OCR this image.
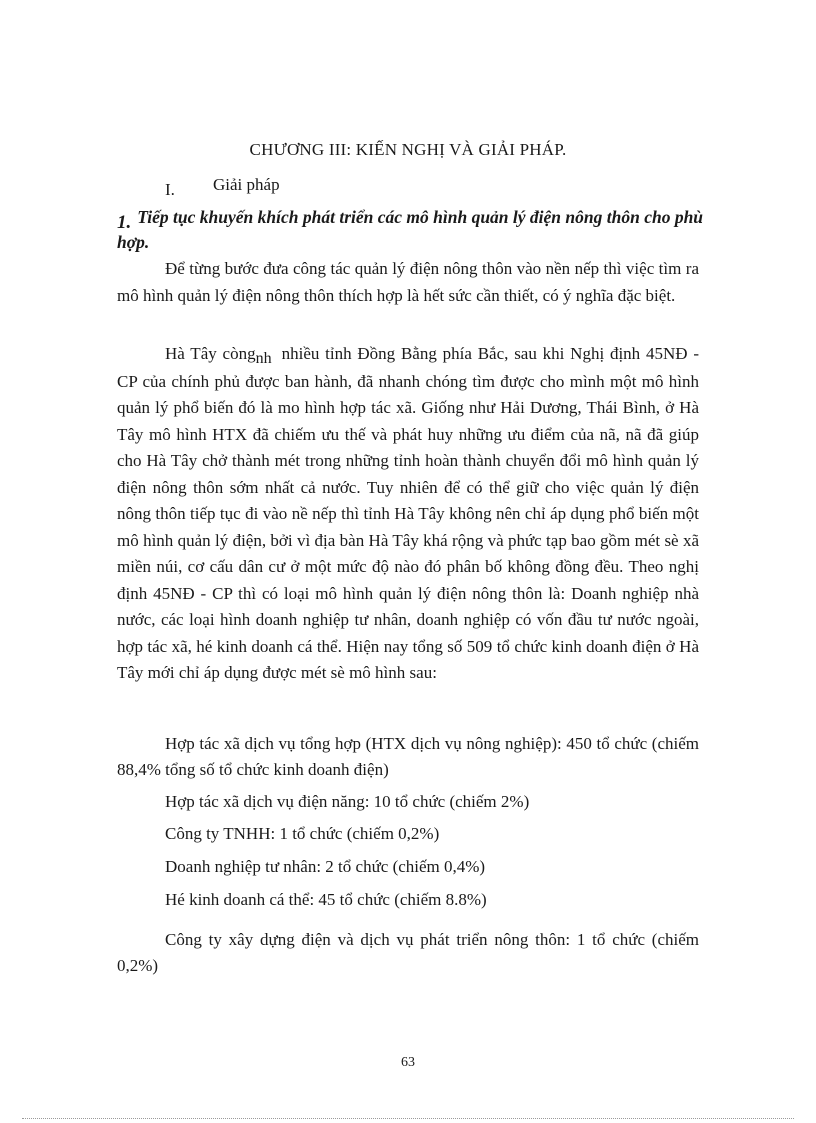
CHƯƠNG III: KIẾN NGHỊ VÀ GIẢI PHÁP.
I. Giải pháp
1. Tiếp tục khuyến khích phát triển các mô hình quản lý điện nông thôn cho phù hợp.

Để từng bước đưa công tác quản lý điện nông thôn vào nền nếp thì việc tìm ra mô hình quản lý điện nông thôn thích hợp là hết sức cần thiết, có ý nghĩa đặc biệt.

Hà Tây còngnh nhiều tỉnh Đồng Bằng phía Bắc, sau khi Nghị định 45NĐ - CP của chính phủ được ban hành, đã nhanh chóng tìm được cho mình một mô hình quản lý phổ biến đó là mo hình hợp tác xã. Giống như Hải Dương, Thái Bình, ở Hà Tây mô hình HTX đã chiếm ưu thế và phát huy những ưu điểm của nã, nã đã giúp cho Hà Tây chở thành mét trong những tỉnh hoàn thành chuyển đổi mô hình quản lý điện nông thôn sớm nhất cả nước. Tuy nhiên để có thể giữ cho việc quản lý điện nông thôn tiếp tục đi vào nề nếp thì tỉnh Hà Tây không nên chỉ áp dụng phổ biến một mô hình quản lý điện, bởi vì địa bàn Hà Tây khá rộng và phức tạp bao gồm mét sè xã miền núi, cơ cấu dân cư ở một mức độ nào đó phân bố không đồng đều. Theo nghị định 45NĐ - CP thì có loại mô hình quản lý điện nông thôn là: Doanh nghiệp nhà nước, các loại hình doanh nghiệp tư nhân, doanh nghiệp có vốn đầu tư nước ngoài, hợp tác xã, hé kinh doanh cá thể. Hiện nay tổng số 509 tổ chức kinh doanh điện ở Hà Tây mới chỉ áp dụng được mét sè mô hình sau:

Hợp tác xã dịch vụ tổng hợp (HTX dịch vụ nông nghiệp): 450 tổ chức (chiếm 88,4% tổng số tổ chức kinh doanh điện)

Hợp tác xã dịch vụ điện năng: 10 tổ chức (chiếm 2%)
Công ty TNHH: 1 tổ chức (chiếm 0,2%)
Doanh nghiệp tư nhân: 2 tổ chức (chiếm 0,4%)
Hé kinh doanh cá thể: 45 tổ chức (chiếm 8.8%)

Công ty xây dựng điện và dịch vụ phát triển nông thôn: 1 tổ chức (chiếm 0,2%)

63
